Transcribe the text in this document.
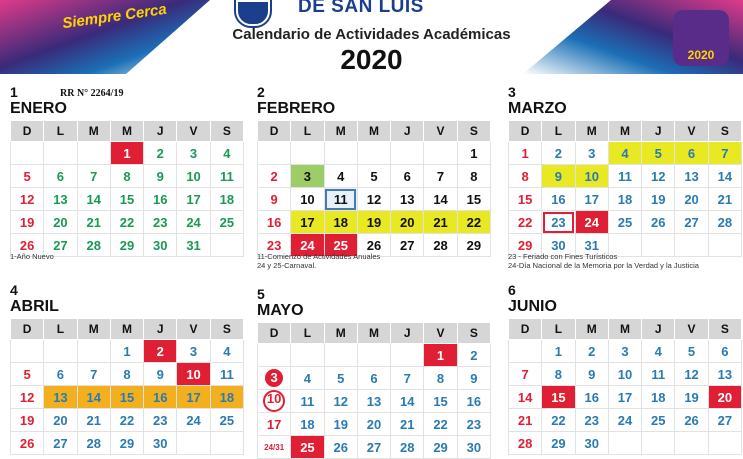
Siempre Cerca
2020
DE SAN LUIS
Calendario de Actividades Académicas
2020
1
ENERO
RR N° 2264/19
D	L	M	M	J	V	S
			1	2	3	4
5	6	7	8	9	10	11
12	13	14	15	16	17	18
19	20	21	22	23	24	25
26	27	28	29	30	31	
1-Año Nuevo
2
FEBRERO
D	L	M	M	J	V	S
						1
2	3	4	5	6	7	8
9	10	11	12	13	14	15
16	17	18	19	20	21	22
23	24	25	26	27	28	29
11-Comienzo de Actividades Anuales
24 y 25-Carnaval.
3
MARZO
D	L	M	M	J	V	S
1	2	3	4	5	6	7
8	9	10	11	12	13	14
15	16	17	18	19	20	21
22	23	24	25	26	27	28
29	30	31				
23 - Feriado con Fines Turísticos
24-Día Nacional de la Memoria por la Verdad y la Justicia
4
ABRIL
D	L	M	M	J	V	S
			1	2	3	4
5	6	7	8	9	10	11
12	13	14	15	16	17	18
19	20	21	22	23	24	25
26	27	28	29	30		
5
MAYO
D	L	M	M	J	V	S
					1	2
3	4	5	6	7	8	9
10	11	12	13	14	15	16
17	18	19	20	21	22	23
24/31	25	26	27	28	29	30
6
JUNIO
D	L	M	M	J	V	S
	1	2	3	4	5	6
7	8	9	10	11	12	13
14	15	16	17	18	19	20
21	22	23	24	25	26	27
28	29	30				
